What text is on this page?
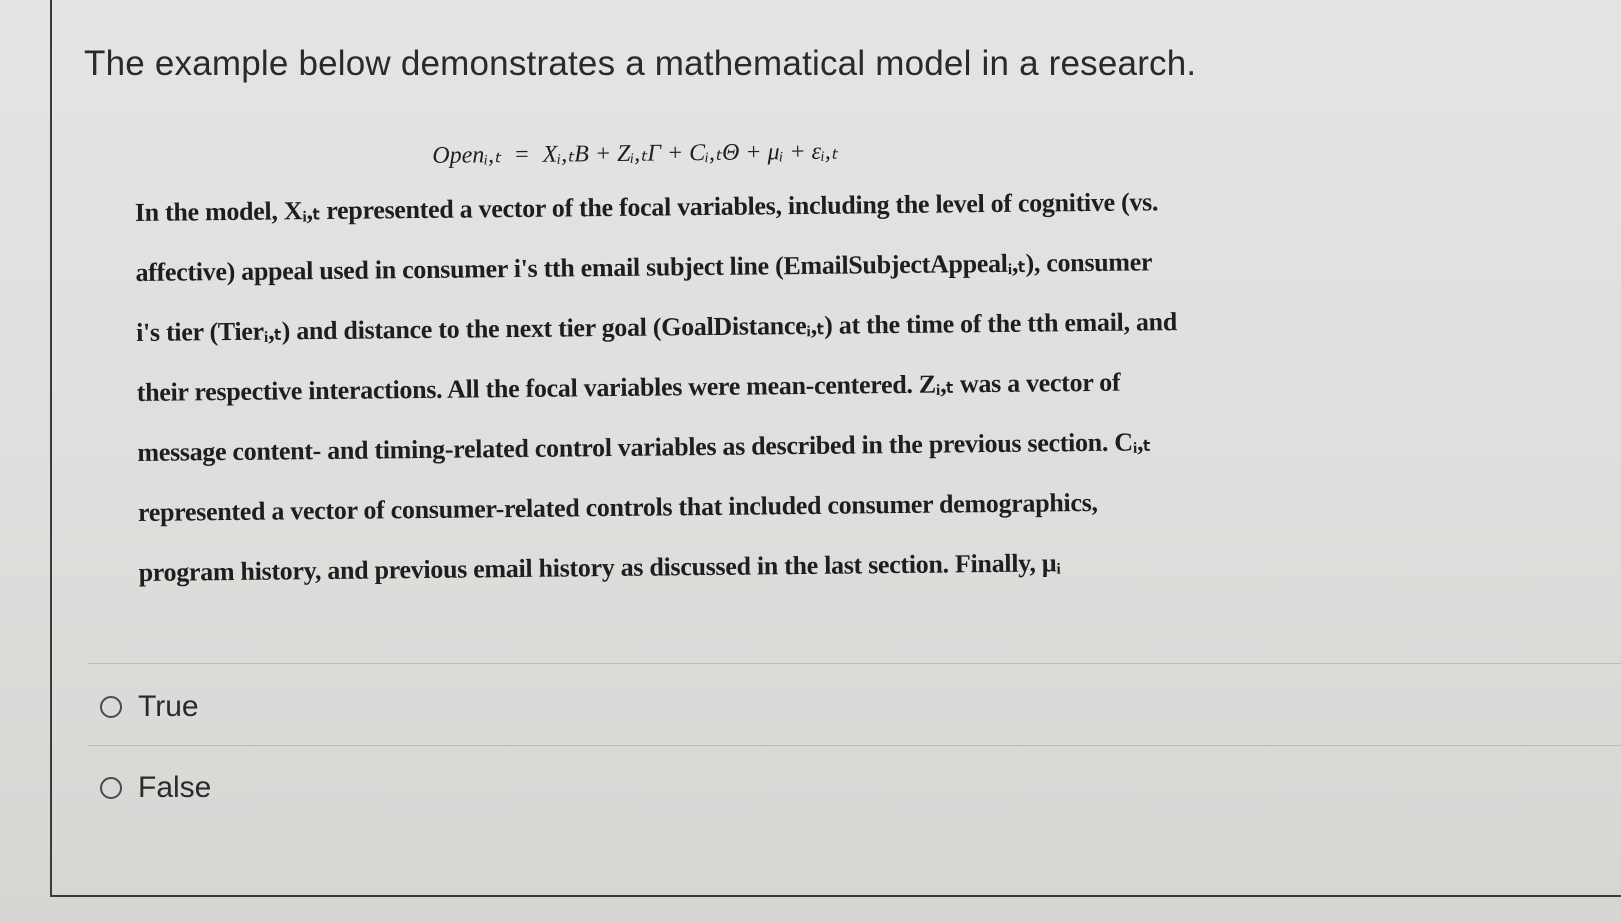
The example below demonstrates a mathematical model in a research.
Openᵢ,ₜ = Xᵢ,ₜB + Zᵢ,ₜΓ + Cᵢ,ₜΘ + μᵢ + εᵢ,ₜ
In the model, Xᵢ,ₜ represented a vector of the focal variables, including the level of cognitive (vs.
affective) appeal used in consumer i's tth email subject line (EmailSubjectAppealᵢ,ₜ), consumer
i's tier (Tierᵢ,ₜ) and distance to the next tier goal (GoalDistanceᵢ,ₜ) at the time of the tth email, and
their respective interactions. All the focal variables were mean-centered. Zᵢ,ₜ was a vector of
message content- and timing-related control variables as described in the previous section. Cᵢ,ₜ
represented a vector of consumer-related controls that included consumer demographics,
program history, and previous email history as discussed in the last section. Finally, μᵢ
True
False
